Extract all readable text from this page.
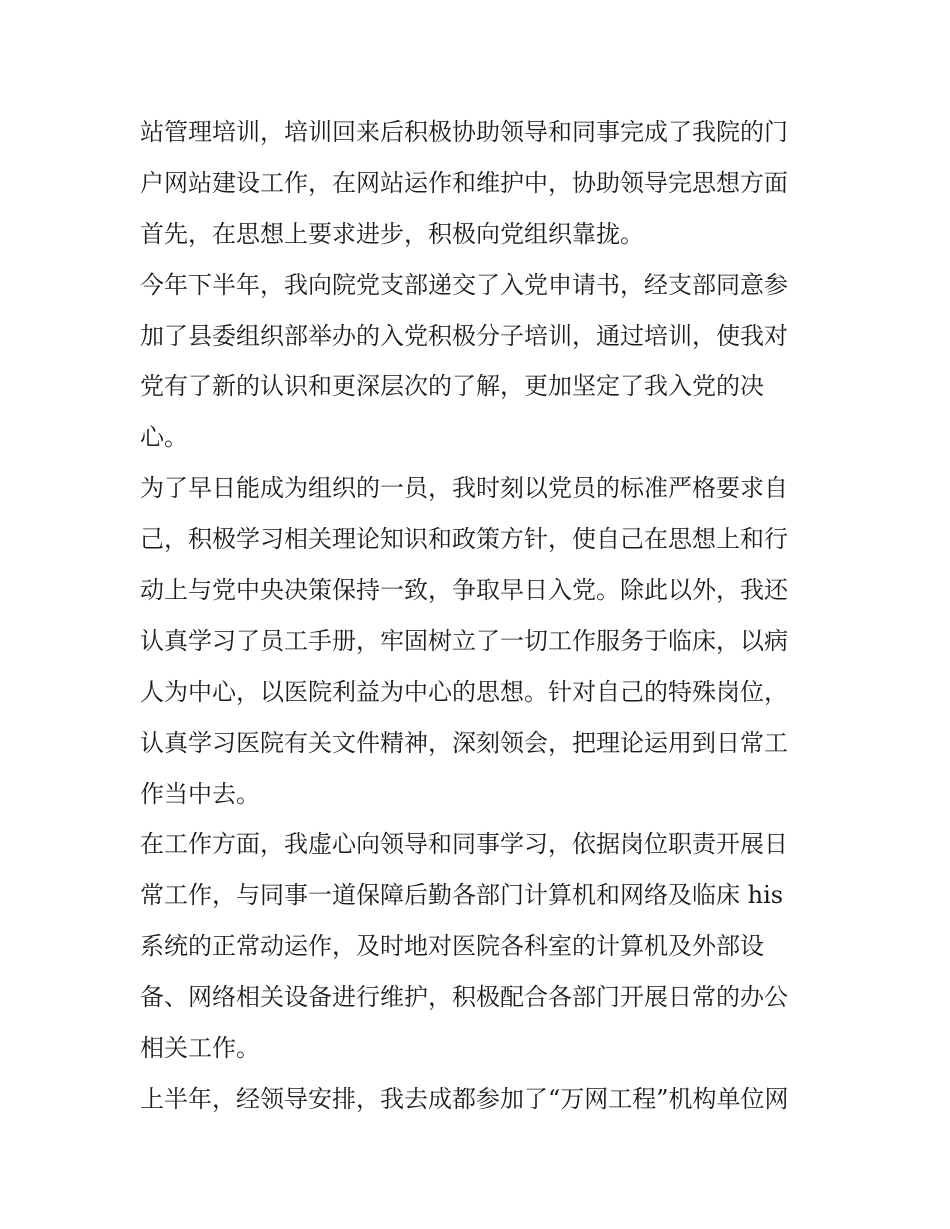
站管理培训，培训回来后积极协助领导和同事完成了我院的门
户网站建设工作，在网站运作和维护中，协助领导完思想方面
首先，在思想上要求进步，积极向党组织靠拢。
今年下半年，我向院党支部递交了入党申请书，经支部同意参
加了县委组织部举办的入党积极分子培训，通过培训，使我对
党有了新的认识和更深层次的了解，更加坚定了我入党的决
心。
为了早日能成为组织的一员，我时刻以党员的标准严格要求自
己，积极学习相关理论知识和政策方针，使自己在思想上和行
动上与党中央决策保持一致，争取早日入党。除此以外，我还
认真学习了员工手册，牢固树立了一切工作服务于临床，以病
人为中心，以医院利益为中心的思想。针对自己的特殊岗位，
认真学习医院有关文件精神，深刻领会，把理论运用到日常工
作当中去。
在工作方面，我虚心向领导和同事学习，依据岗位职责开展日
常工作，与同事一道保障后勤各部门计算机和网络及临床 his
系统的正常动运作，及时地对医院各科室的计算机及外部设
备、网络相关设备进行维护，积极配合各部门开展日常的办公
相关工作。
上半年，经领导安排，我去成都参加了“万网工程”机构单位网
